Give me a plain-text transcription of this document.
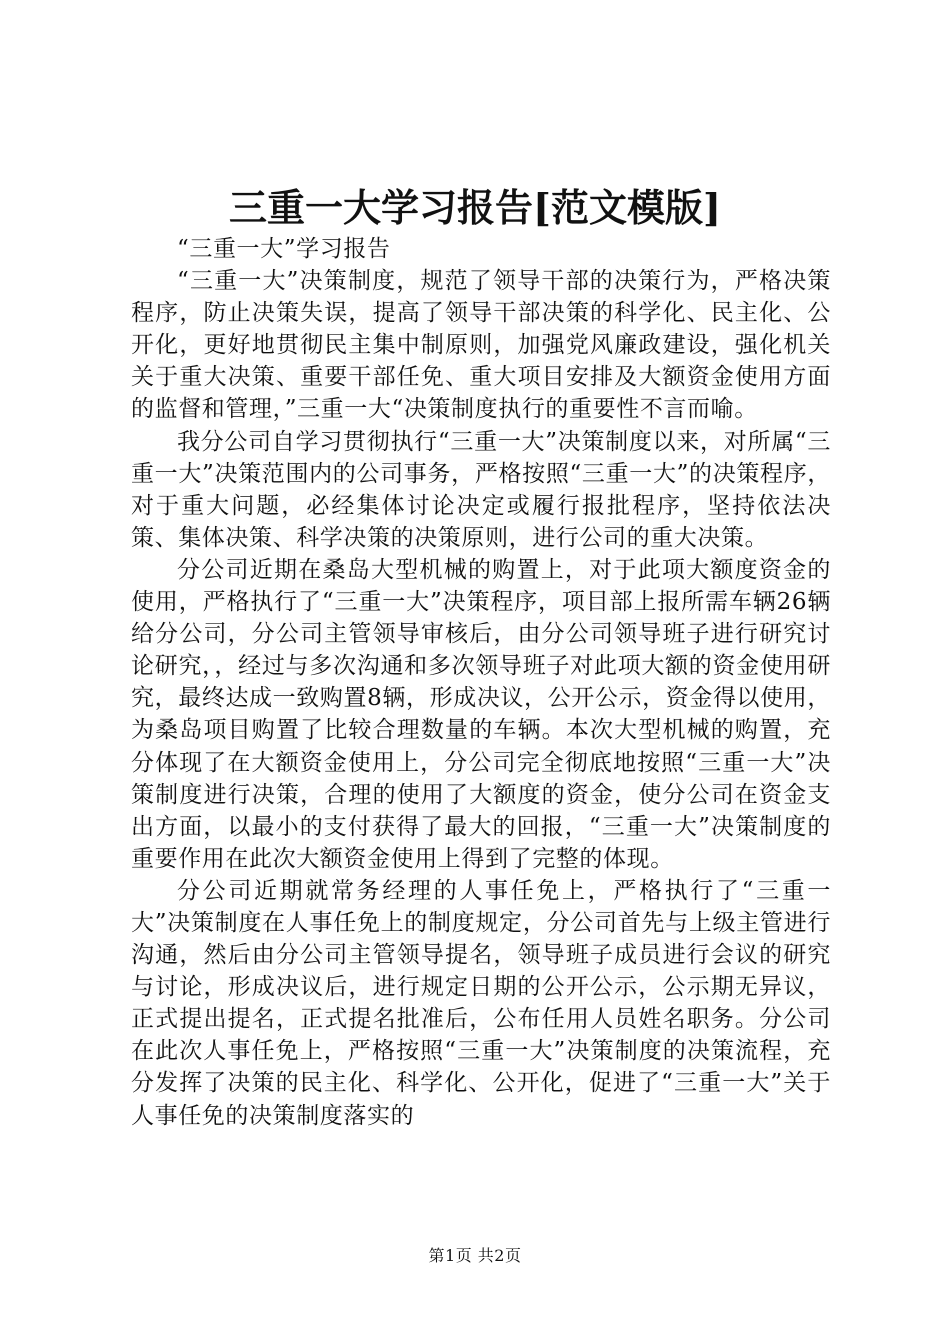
三重一大学习报告[范文模版]

“三重一大”学习报告

“三重一大”决策制度，规范了领导干部的决策行为，严格决策程序，防止决策失误，提高了领导干部决策的科学化、民主化、公开化，更好地贯彻民主集中制原则，加强党风廉政建设，强化机关关于重大决策、重要干部任免、重大项目安排及大额资金使用方面的监督和管理，”三重一大“决策制度执行的重要性不言而喻。

我分公司自学习贯彻执行“三重一大”决策制度以来，对所属“三重一大”决策范围内的公司事务，严格按照“三重一大”的决策程序，对于重大问题，必经集体讨论决定或履行报批程序，坚持依法决策、集体决策、科学决策的决策原则，进行公司的重大决策。

分公司近期在桑岛大型机械的购置上，对于此项大额度资金的使用，严格执行了“三重一大”决策程序，项目部上报所需车辆26辆给分公司，分公司主管领导审核后，由分公司领导班子进行研究讨论研究，，经过与多次沟通和多次领导班子对此项大额的资金使用研究，最终达成一致购置8辆，形成决议，公开公示，资金得以使用，为桑岛项目购置了比较合理数量的车辆。本次大型机械的购置，充分体现了在大额资金使用上，分公司完全彻底地按照“三重一大”决策制度进行决策，合理的使用了大额度的资金，使分公司在资金支出方面，以最小的支付获得了最大的回报，“三重一大”决策制度的重要作用在此次大额资金使用上得到了完整的体现。

分公司近期就常务经理的人事任免上，严格执行了“三重一大”决策制度在人事任免上的制度规定，分公司首先与上级主管进行沟通，然后由分公司主管领导提名，领导班子成员进行会议的研究与讨论，形成决议后，进行规定日期的公开公示，公示期无异议，正式提出提名，正式提名批准后，公布任用人员姓名职务。分公司在此次人事任免上，严格按照“三重一大”决策制度的决策流程，充分发挥了决策的民主化、科学化、公开化，促进了“三重一大”关于人事任免的决策制度落实的

第1页 共2页
